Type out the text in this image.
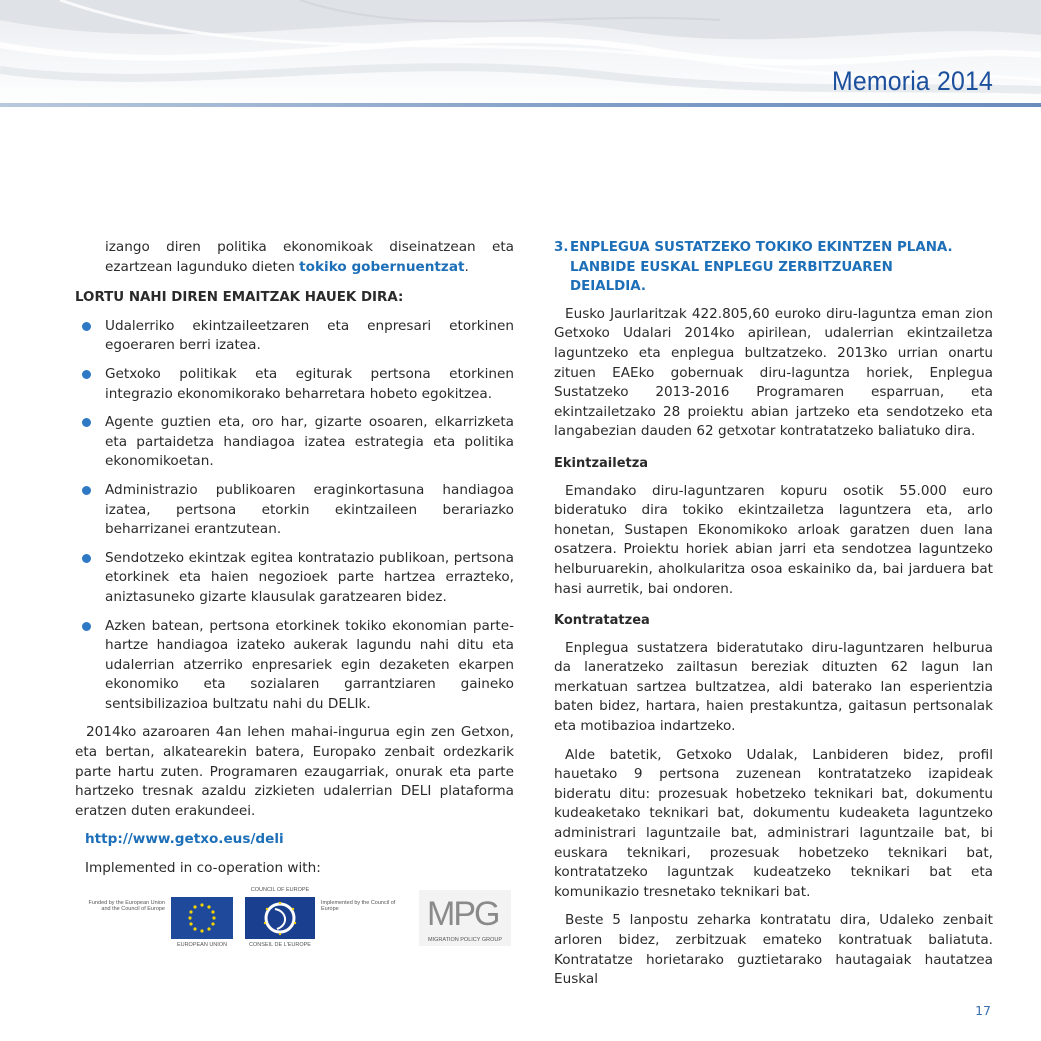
Memoria 2014

izango diren politika ekonomikoak diseinatzean eta ezartzean lagunduko dieten tokiko gobernuentzat.

LORTU NAHI DIREN EMAITZAK HAUEK DIRA:
Udalerriko ekintzaileetzaren eta enpresari etorkinen egoeraren berri izatea.
Getxoko politikak eta egiturak pertsona etorkinen integrazio ekonomikorako beharretara hobeto egokitzea.
Agente guztien eta, oro har, gizarte osoaren, elkarrizketa eta partaidetza handiagoa izatea estrategia eta politika ekonomikoetan.
Administrazio publikoaren eraginkortasuna handiagoa izatea, pertsona etorkin ekintzaileen berariazko beharrizanei erantzutean.
Sendotzeko ekintzak egitea kontratazio publikoan, pertsona etorkinek eta haien negozioek parte hartzea errazteko, aniztasuneko gizarte klausulak garatzearen bidez.
Azken batean, pertsona etorkinek tokiko ekonomian parte-hartze handiagoa izateko aukerak lagundu nahi ditu eta udalerrian atzerriko enpresariek egin dezaketen ekarpen ekonomiko eta sozialaren garrantziaren gaineko sentsibilizazioa bultzatu nahi du DELIk.

2014ko azaroaren 4an lehen mahai-ingurua egin zen Getxon, eta bertan, alkatearekin batera, Europako zenbait ordezkarik parte hartu zuten. Programaren ezaugarriak, onurak eta parte hartzeko tresnak azaldu zizkieten udalerrian DELI plataforma eratzen duten erakundeei.

http://www.getxo.eus/deli
Implemented in co-operation with:
Funded by the European Union and the Council of Europe
EUROPEAN UNION
COUNCIL OF EUROPE
CONSEIL DE L'EUROPE
Implemented by the Council of Europe	MPG
MIGRATION POLICY GROUP
3. ENPLEGUA SUSTATZEKO TOKIKO EKINTZEN PLANA.
LANBIDE EUSKAL ENPLEGU ZERBITZUAREN
DEIALDIA.

Eusko Jaurlaritzak 422.805,60 euroko diru-laguntza eman zion Getxoko Udalari 2014ko apirilean, udalerrian ekintzailetza laguntzeko eta enplegua bultzatzeko. 2013ko urrian onartu zituen EAEko gobernuak diru-laguntza horiek, Enplegua Sustatzeko 2013-2016 Programaren esparruan, eta ekintzailetzako 28 proiektu abian jartzeko eta sendotzeko eta langabezian dauden 62 getxotar kontratatzeko baliatuko dira.

Ekintzailetza

Emandako diru-laguntzaren kopuru osotik 55.000 euro bideratuko dira tokiko ekintzailetza laguntzera eta, arlo honetan, Sustapen Ekonomikoko arloak garatzen duen lana osatzera. Proiektu horiek abian jarri eta sendotzea laguntzeko helburuarekin, aholkularitza osoa eskainiko da, bai jarduera bat hasi aurretik, bai ondoren.

Kontratatzea

Enplegua sustatzera bideratutako diru-laguntzaren helburua da laneratzeko zailtasun bereziak dituzten 62 lagun lan merkatuan sartzea bultzatzea, aldi baterako lan esperientzia baten bidez, hartara, haien prestakuntza, gaitasun pertsonalak eta motibazioa indartzeko.

Alde batetik, Getxoko Udalak, Lanbideren bidez, profil hauetako 9 pertsona zuzenean kontratatzeko izapideak bideratu ditu: prozesuak hobetzeko teknikari bat, dokumentu kudeaketako teknikari bat, dokumentu kudeaketa laguntzeko administrari laguntzaile bat, administrari laguntzaile bat, bi euskara teknikari, prozesuak hobetzeko teknikari bat, kontratatzeko laguntzak kudeatzeko teknikari bat eta komunikazio tresnetako teknikari bat.

Beste 5 lanpostu zeharka kontratatu dira, Udaleko zenbait arloren bidez, zerbitzuak emateko kontratuak baliatuta. Kontratatze horietarako guztietarako hautagaiak hautatzea Euskal

17
